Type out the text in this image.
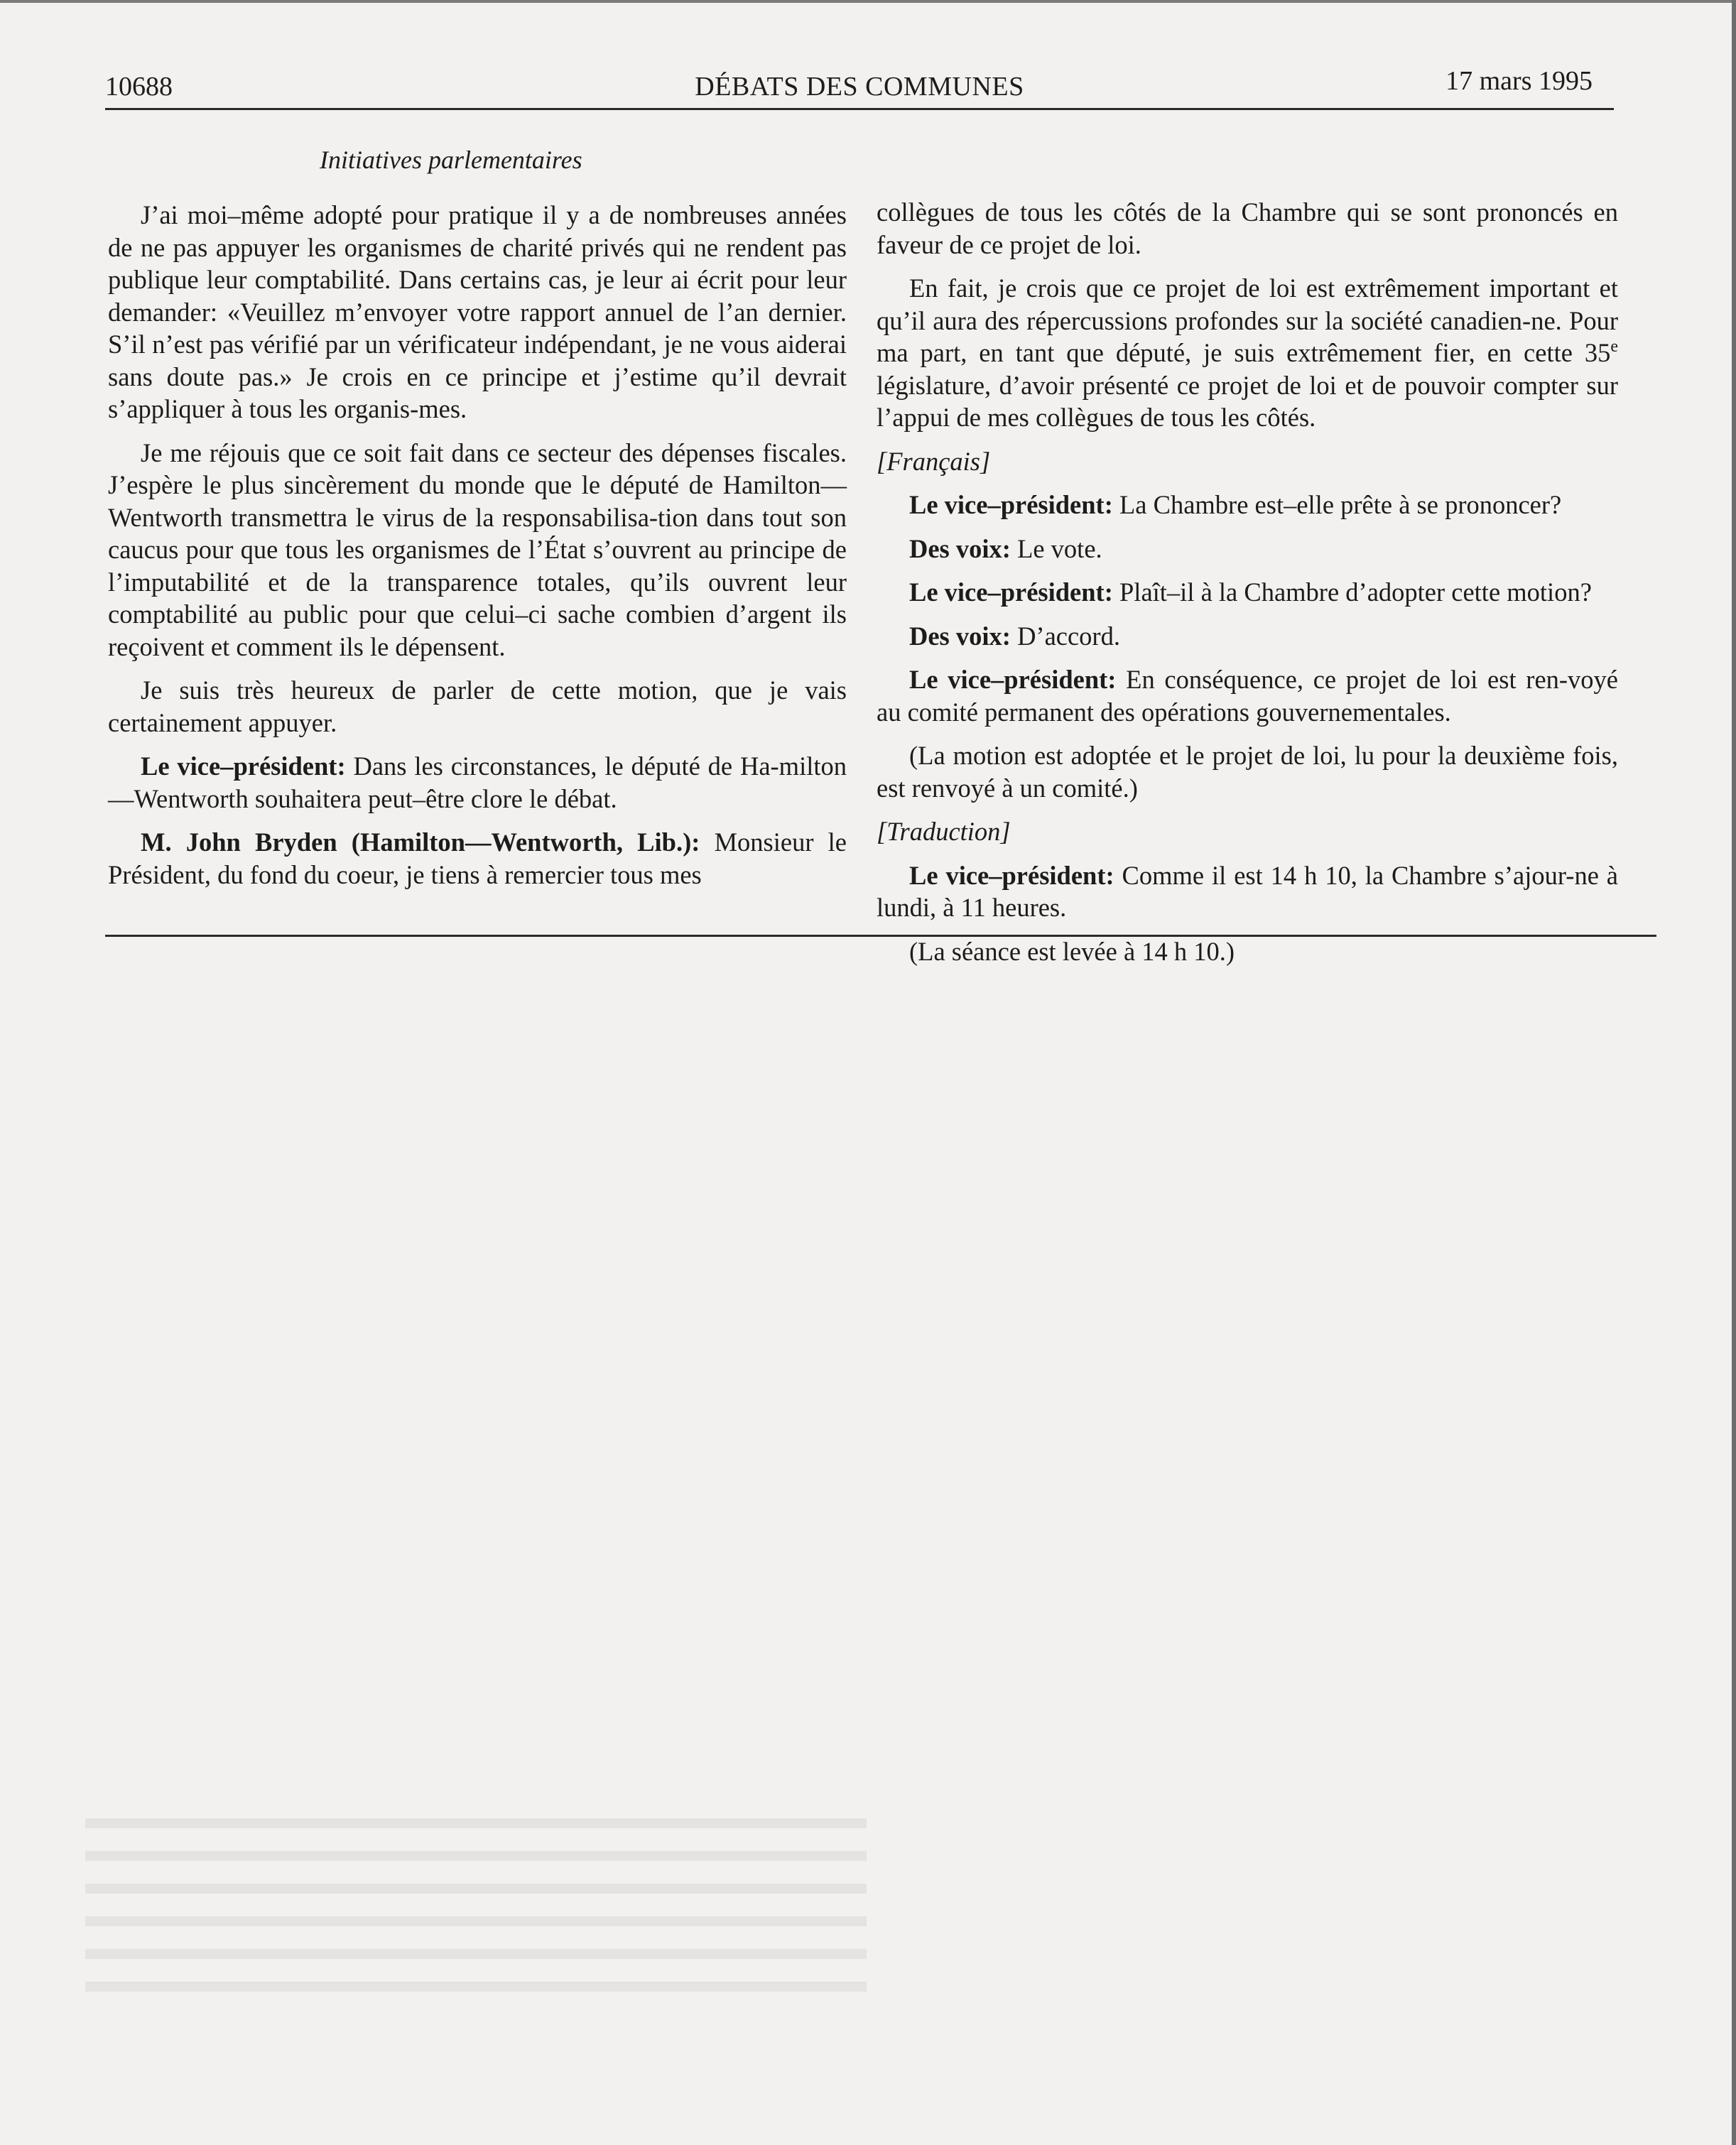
10688	DÉBATS DES COMMUNES	17 mars 1995
Initiatives parlementaires

J’ai moi–même adopté pour pratique il y a de nombreuses années de ne pas appuyer les organismes de charité privés qui ne rendent pas publique leur comptabilité. Dans certains cas, je leur ai écrit pour leur demander: «Veuillez m’envoyer votre rapport annuel de l’an dernier. S’il n’est pas vérifié par un vérificateur indépendant, je ne vous aiderai sans doute pas.» Je crois en ce principe et j’estime qu’il devrait s’appliquer à tous les organis-mes.

Je me réjouis que ce soit fait dans ce secteur des dépenses fiscales. J’espère le plus sincèrement du monde que le député de Hamilton—Wentworth transmettra le virus de la responsabilisa-tion dans tout son caucus pour que tous les organismes de l’État s’ouvrent au principe de l’imputabilité et de la transparence totales, qu’ils ouvrent leur comptabilité au public pour que celui–ci sache combien d’argent ils reçoivent et comment ils le dépensent.

Je suis très heureux de parler de cette motion, que je vais certainement appuyer.

Le vice–président: Dans les circonstances, le député de Ha-milton—Wentworth souhaitera peut–être clore le débat.

M. John Bryden (Hamilton—Wentworth, Lib.): Monsieur le Président, du fond du coeur, je tiens à remercier tous mes

collègues de tous les côtés de la Chambre qui se sont prononcés en faveur de ce projet de loi.

En fait, je crois que ce projet de loi est extrêmement important et qu’il aura des répercussions profondes sur la société canadien-ne. Pour ma part, en tant que député, je suis extrêmement fier, en cette 35e législature, d’avoir présenté ce projet de loi et de pouvoir compter sur l’appui de mes collègues de tous les côtés.

[Français]

Le vice–président: La Chambre est–elle prête à se prononcer?

Des voix: Le vote.

Le vice–président: Plaît–il à la Chambre d’adopter cette motion?

Des voix: D’accord.

Le vice–président: En conséquence, ce projet de loi est ren-voyé au comité permanent des opérations gouvernementales.

(La motion est adoptée et le projet de loi, lu pour la deuxième fois, est renvoyé à un comité.)

[Traduction]

Le vice–président: Comme il est 14 h 10, la Chambre s’ajour-ne à lundi, à 11 heures.

(La séance est levée à 14 h 10.)
